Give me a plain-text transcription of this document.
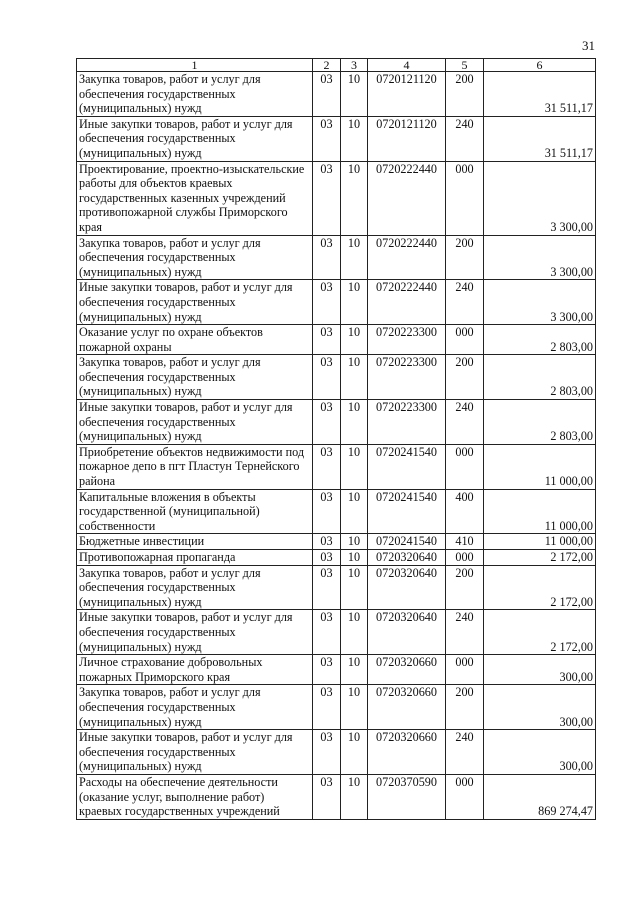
31
1	2	3	4	5	6
Закупка товаров, работ и услуг для обеспечения государственных (муниципальных) нужд	03	10	0720121120	200	31 511,17
Иные закупки товаров, работ и услуг для обеспечения государственных (муниципальных) нужд	03	10	0720121120	240	31 511,17
Проектирование, проектно-изыскательские работы для объектов краевых государственных казенных учреждений противопожарной службы Приморского края	03	10	0720222440	000	3 300,00
Закупка товаров, работ и услуг для обеспечения государственных (муниципальных) нужд	03	10	0720222440	200	3 300,00
Иные закупки товаров, работ и услуг для обеспечения государственных (муниципальных) нужд	03	10	0720222440	240	3 300,00
Оказание услуг по охране объектов пожарной охраны	03	10	0720223300	000	2 803,00
Закупка товаров, работ и услуг для обеспечения государственных (муниципальных) нужд	03	10	0720223300	200	2 803,00
Иные закупки товаров, работ и услуг для обеспечения государственных (муниципальных) нужд	03	10	0720223300	240	2 803,00
Приобретение объектов недвижимости под пожарное депо в пгт Пластун Тернейского района	03	10	0720241540	000	11 000,00
Капитальные вложения в объекты государственной (муниципальной) собственности	03	10	0720241540	400	11 000,00
Бюджетные инвестиции	03	10	0720241540	410	11 000,00
Противопожарная пропаганда	03	10	0720320640	000	2 172,00
Закупка товаров, работ и услуг для обеспечения государственных (муниципальных) нужд	03	10	0720320640	200	2 172,00
Иные закупки товаров, работ и услуг для обеспечения государственных (муниципальных) нужд	03	10	0720320640	240	2 172,00
Личное страхование добровольных пожарных Приморского края	03	10	0720320660	000	300,00
Закупка товаров, работ и услуг для обеспечения государственных (муниципальных) нужд	03	10	0720320660	200	300,00
Иные закупки товаров, работ и услуг для обеспечения государственных (муниципальных) нужд	03	10	0720320660	240	300,00
Расходы на обеспечение деятельности (оказание услуг, выполнение работ) краевых государственных учреждений	03	10	0720370590	000	869 274,47
